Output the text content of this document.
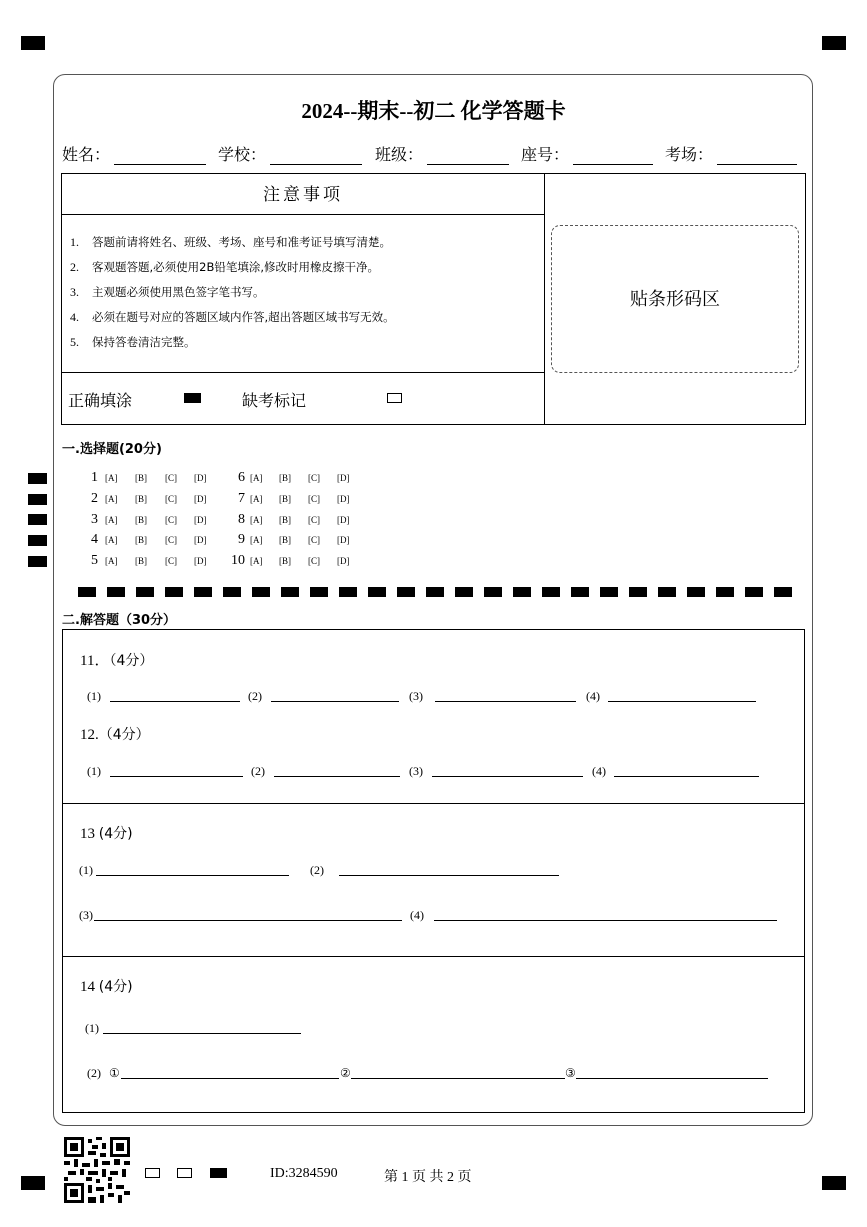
2024--期末--初二 化学答题卡
姓名：	学校：	班级：	座号：	考场：
注意事项
1. 答题前请将姓名、班级、考场、座号和准考证号填写清楚。
2. 客观题答题,必须使用2B铅笔填涂,修改时用橡皮擦干净。
3. 主观题必须使用黑色签字笔书写。
4. 必须在题号对应的答题区域内作答,超出答题区域书写无效。
5. 保持答卷清洁完整。
贴条形码区
正确填涂	缺考标记
一.选择题(20分)
1 [A] [B] [C] [D]	6 [A] [B] [C] [D]
2 [A] [B] [C] [D]	7 [A] [B] [C] [D]
3 [A] [B] [C] [D]	8 [A] [B] [C] [D]
4 [A] [B] [C] [D]	9 [A] [B] [C] [D]
5 [A] [B] [C] [D]	10 [A] [B] [C] [D]
二.解答题（30分）
11．（4分）
(1)	(2)	(3)	(4)
12.（4分）
(1)	(2)	(3)	(4)
13 (4分)
(1)	(2)
(3)	(4)
14 (4分)
(1)
(2) ①	②	③
ID:3284590	第 1 页 共 2 页
